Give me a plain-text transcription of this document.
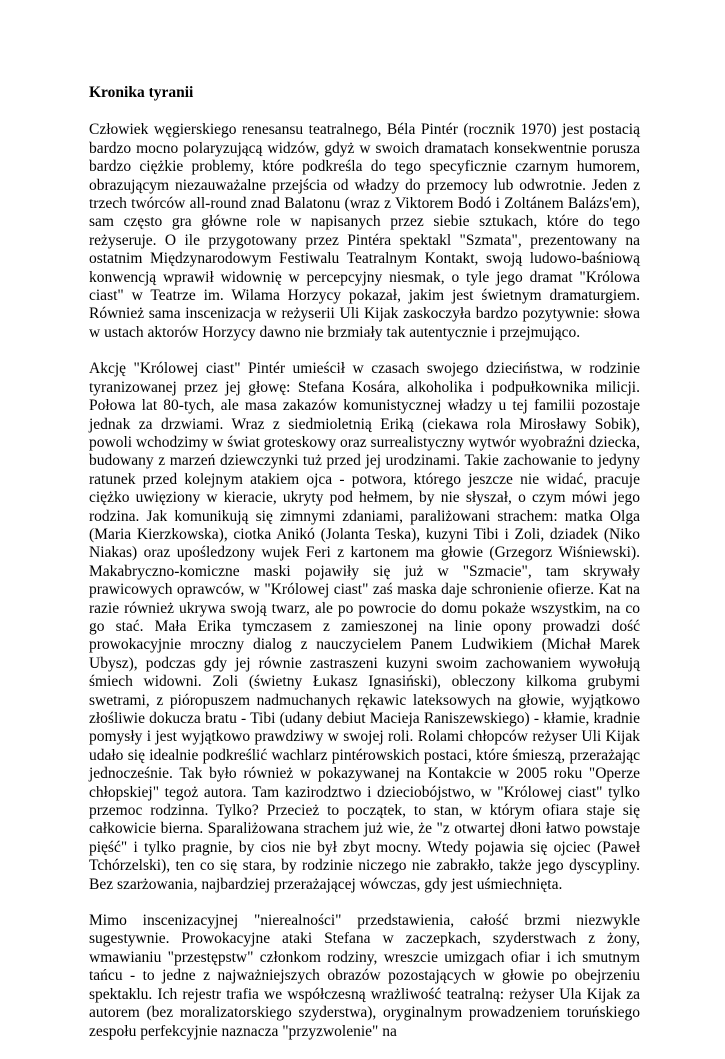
Kronika tyranii

Człowiek węgierskiego renesansu teatralnego, Béla Pintér (rocznik 1970) jest postacią bardzo mocno polaryzującą widzów, gdyż w swoich dramatach konsekwentnie porusza bardzo ciężkie problemy, które podkreśla do tego specyficznie czarnym humorem, obrazującym niezauważalne przejścia od władzy do przemocy lub odwrotnie. Jeden z trzech twórców all-round znad Balatonu (wraz z Viktorem Bodó i Zoltánem Balázs'em), sam często gra główne role w napisanych przez siebie sztukach, które do tego reżyseruje. O ile przygotowany przez Pintéra spektakl "Szmata", prezentowany na ostatnim Międzynarodowym Festiwalu Teatralnym Kontakt, swoją ludowo-baśniową konwencją wprawił widownię w percepcyjny niesmak, o tyle jego dramat "Królowa ciast" w Teatrze im. Wilama Horzycy pokazał, jakim jest świetnym dramaturgiem. Również sama inscenizacja w reżyserii Uli Kijak zaskoczyła bardzo pozytywnie: słowa w ustach aktorów Horzycy dawno nie brzmiały tak autentycznie i przejmująco.

Akcję "Królowej ciast" Pintér umieścił w czasach swojego dzieciństwa, w rodzinie tyranizowanej przez jej głowę: Stefana Kosára, alkoholika i podpułkownika milicji. Połowa lat 80-tych, ale masa zakazów komunistycznej władzy u tej familii pozostaje jednak za drzwiami. Wraz z siedmioletnią Eriką (ciekawa rola Mirosławy Sobik), powoli wchodzimy w świat groteskowy oraz surrealistyczny wytwór wyobraźni dziecka, budowany z marzeń dziewczynki tuż przed jej urodzinami. Takie zachowanie to jedyny ratunek przed kolejnym atakiem ojca - potwora, którego jeszcze nie widać, pracuje ciężko uwięziony w kieracie, ukryty pod hełmem, by nie słyszał, o czym mówi jego rodzina. Jak komunikują się zimnymi zdaniami, paraliżowani strachem: matka Olga (Maria Kierzkowska), ciotka Anikó (Jolanta Teska), kuzyni Tibi i Zoli, dziadek (Niko Niakas) oraz upośledzony wujek Feri z kartonem ma głowie (Grzegorz Wiśniewski). Makabryczno-komiczne maski pojawiły się już w "Szmacie", tam skrywały prawicowych oprawców, w "Królowej ciast" zaś maska daje schronienie ofierze. Kat na razie również ukrywa swoją twarz, ale po powrocie do domu pokaże wszystkim, na co go stać. Mała Erika tymczasem z zamieszonej na linie opony prowadzi dość prowokacyjnie mroczny dialog z nauczycielem Panem Ludwikiem (Michał Marek Ubysz), podczas gdy jej równie zastraszeni kuzyni swoim zachowaniem wywołują śmiech widowni. Zoli (świetny Łukasz Ignasiński), obleczony kilkoma grubymi swetrami, z pióropuszem nadmuchanych rękawic lateksowych na głowie, wyjątkowo złośliwie dokucza bratu - Tibi (udany debiut Macieja Raniszewskiego) - kłamie, kradnie pomysły i jest wyjątkowo prawdziwy w swojej roli. Rolami chłopców reżyser Uli Kijak udało się idealnie podkreślić wachlarz pintérowskich postaci, które śmieszą, przerażając jednocześnie. Tak było również w pokazywanej na Kontakcie w 2005 roku "Operze chłopskiej" tegoż autora. Tam kazirodztwo i dzieciobójstwo, w "Królowej ciast" tylko przemoc rodzinna. Tylko? Przecież to początek, to stan, w którym ofiara staje się całkowicie bierna. Sparaliżowana strachem już wie, że "z otwartej dłoni łatwo powstaje pięść" i tylko pragnie, by cios nie był zbyt mocny. Wtedy pojawia się ojciec (Paweł Tchórzelski), ten co się stara, by rodzinie niczego nie zabrakło, także jego dyscypliny. Bez szarżowania, najbardziej przerażającej wówczas, gdy jest uśmiechnięta.

Mimo inscenizacyjnej "nierealności" przedstawienia, całość brzmi niezwykle sugestywnie. Prowokacyjne ataki Stefana w zaczepkach, szyderstwach z żony, wmawianiu "przestępstw" członkom rodziny, wreszcie umizgach ofiar i ich smutnym tańcu - to jedne z najważniejszych obrazów pozostających w głowie po obejrzeniu spektaklu. Ich rejestr trafia we współczesną wrażliwość teatralną: reżyser Ula Kijak za autorem (bez moralizatorskiego szyderstwa), oryginalnym prowadzeniem toruńskiego zespołu perfekcyjnie naznacza "przyzwolenie" na
